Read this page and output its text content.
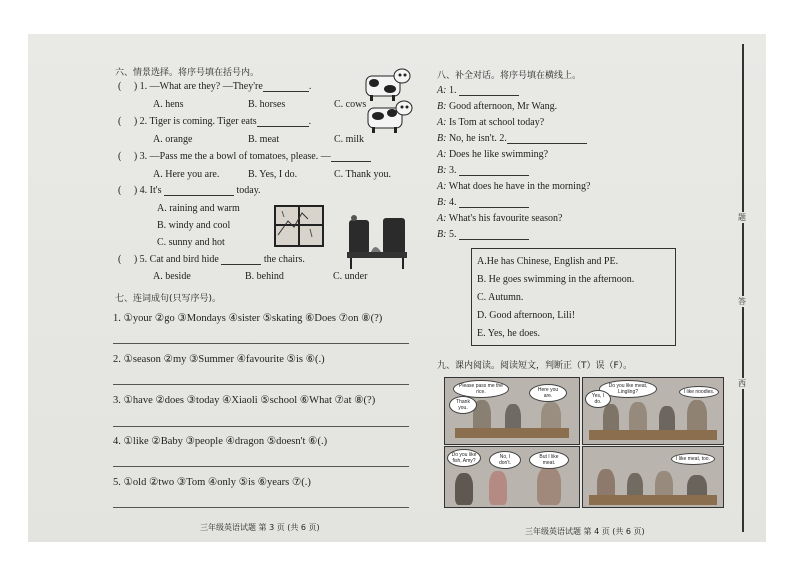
六、情景选择。将序号填在括号内。
(     ) 1. —What are they? —They're	.
A. hens	B. horses	C. cows
(     ) 2. Tiger is coming. Tiger eats	.
A. orange	B. meat	C. milk
(     ) 3. —Pass me the a bowl of tomatoes, please. —
A. Here you are.	B. Yes, I do.	C. Thank you.
(     ) 4. It's	today.
A. raining and warm
B. windy and cool
C. sunny and hot
(     ) 5. Cat and bird hide	the chairs.
A. beside	B. behind	C. under
七、连词成句(只写序号)。
1. ①your ②go ③Mondays ④sister ⑤skating ⑥Does ⑦on ⑧(?)
2. ①season ②my ③Summer ④favourite ⑤is ⑥(.)
3. ①have ②does ③today ④Xiaoli ⑤school ⑥What ⑦at ⑧(?)
4. ①like ②Baby ③people ④dragon ⑤doesn't ⑥(.)
5. ①old ②two ③Tom ④only ⑤is ⑥years ⑦(.)
三年级英语试题 第 3 页 (共 6 页)
八、补全对话。将序号填在横线上。
A: 1.
B: Good afternoon, Mr Wang.
A: Is Tom at school today?
B: No, he isn't. 2.
A: Does he like swimming?
B: 3.
A: What does he have in the morning?
B: 4.
A: What's his favourite season?
B: 5.
A.He has Chinese, English and PE.
B. He goes swimming in the afternoon.
C. Autumn.
D. Good afternoon, Lili!
E. Yes, he does.
九、课内阅读。阅读短文，判断正（T）误（F）。
Please pass me the rice.
Thank you.
Here you are.
Do you like meat, Lingling?
Yes, I do.
I like noodles.
Do you like fish, Amy?
No, I don't.
But I like meat.
I like meat, too.
三年级英语试题 第 4 页 (共 6 页)
题
答
西
